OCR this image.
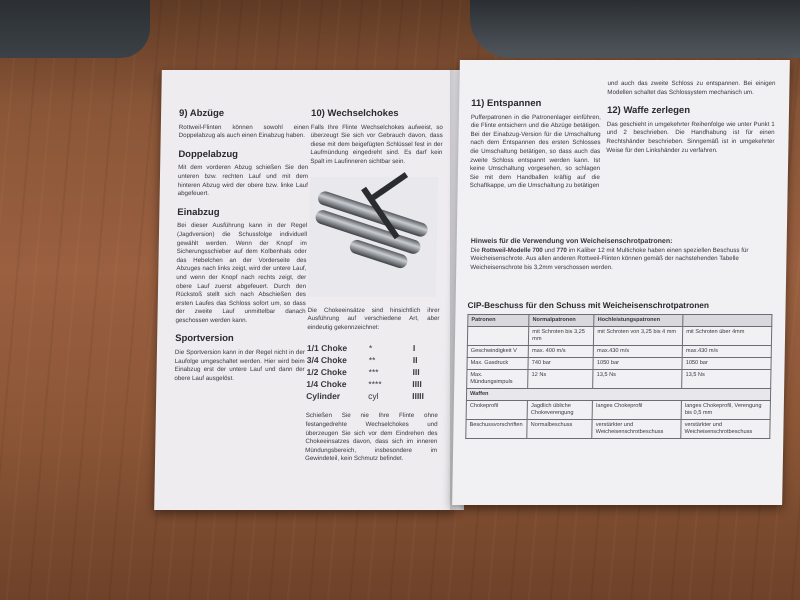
9) Abzüge

Rottweil-Flinten können sowohl einen Doppelabzug als auch einen Einabzug haben.

Doppelabzug

Mit dem vorderen Abzug schießen Sie den unteren bzw. rechten Lauf und mit dem hinteren Abzug wird der obere bzw. linke Lauf abgefeuert.

Einabzug

Bei dieser Ausführung kann in der Regel (Jagdversion) die Schussfolge individuell gewählt werden. Wenn der Knopf im Sicherungsschieber auf dem Kolbenhals oder das Hebelchen an der Vorderseite des Abzuges nach links zeigt, wird der untere Lauf, und wenn der Knopf nach rechts zeigt, der obere Lauf zuerst abgefeuert. Durch den Rückstoß stellt sich nach Abschießen des ersten Laufes das Schloss sofort um, so dass der zweite Lauf unmittelbar danach geschossen werden kann.

Sportversion

Die Sportversion kann in der Regel nicht in der Laufolge umgeschaltet werden. Hier wird beim Einabzug erst der untere Lauf und dann der obere Lauf ausgelöst.

10) Wechselchokes

Falls Ihre Flinte Wechselchokes aufweist, so überzeugt Sie sich vor Gebrauch davon, dass diese mit dem beigefügten Schlüssel fest in der Laufmündung eingedreht sind. Es darf kein Spalt im Laufinneren sichtbar sein.

Die Chokeeinsätze sind hinsichtlich ihrer Ausführung auf verschiedene Art, aber eindeutig gekennzeichnet:

1/1 Choke	*	I
3/4 Choke	**	II
1/2 Choke	***	III
1/4 Choke	****	IIII
Cylinder	cyl	IIIII

Schießen Sie nie Ihre Flinte ohne festangedrehte Wechselchokes und überzeugen Sie sich vor dem Eindrehen des Chokeeinsatzes davon, dass sich im inneren Mündungsbereich, insbesondere im Gewindeteil, kein Schmutz befindet.

11) Entspannen

Pufferpatronen in die Patronenlager einführen, die Flinte entsichern und die Abzüge betätigen. Bei der Einabzug-Version für die Umschaltung nach dem Entspannen des ersten Schlosses die Umschaltung betätigen, so dass auch das zweite Schloss entspannt werden kann. Ist keine Umschaltung vorgesehen, so schlagen Sie mit dem Handballen kräftig auf die Schaftkappe, um die Umschaltung zu betätigen

und auch das zweite Schloss zu entspannen. Bei einigen Modellen schaltet das Schlossystem mechanisch um.

12) Waffe zerlegen

Das geschieht in umgekehrter Reihenfolge wie unter Punkt 1 und 2 beschrieben. Die Handhabung ist für einen Rechtshänder beschrieben. Sinngemäß ist in umgekehrter Weise für den Linkshänder zu verfahren.

Hinweis für die Verwendung von Weicheisenschrotpatronen:
Die Rottweil-Modelle 700 und 770 im Kaliber 12 mit Multichoke haben einen speziellen Beschuss für Weicheisenschrote. Aus allen anderen Rottweil-Flinten können gemäß der nachstehenden Tabelle Weicheisenschrote bis 3,2mm verschossen werden.
CIP-Beschuss für den Schuss mit Weicheisenschrotpatronen
Patronen	Normalpatronen	Hochleistungspatronen	
	mit Schroten bis 3,25 mm	mit Schroten von 3,25 bis 4 mm	mit Schroten über 4mm
Geschwindigkeit V	max. 400 m/s	max.430 m/s	max.430 m/s
Max. Gasdruck	740 bar	1050 bar	1050 bar
Max. Mündungsimpuls	12 Ns	13,5 Ns	13,5 Ns
Waffen			
Chokeprofil	Jagdlich übliche Chokeverengung	langes Chokeprofil	langes Chokeprofil, Verengung bis 0,5 mm
Beschussvorschriften	Normalbeschuss	verstärkter und Weicheisenschrotbeschuss	verstärkter und Weicheisenschrotbeschuss
